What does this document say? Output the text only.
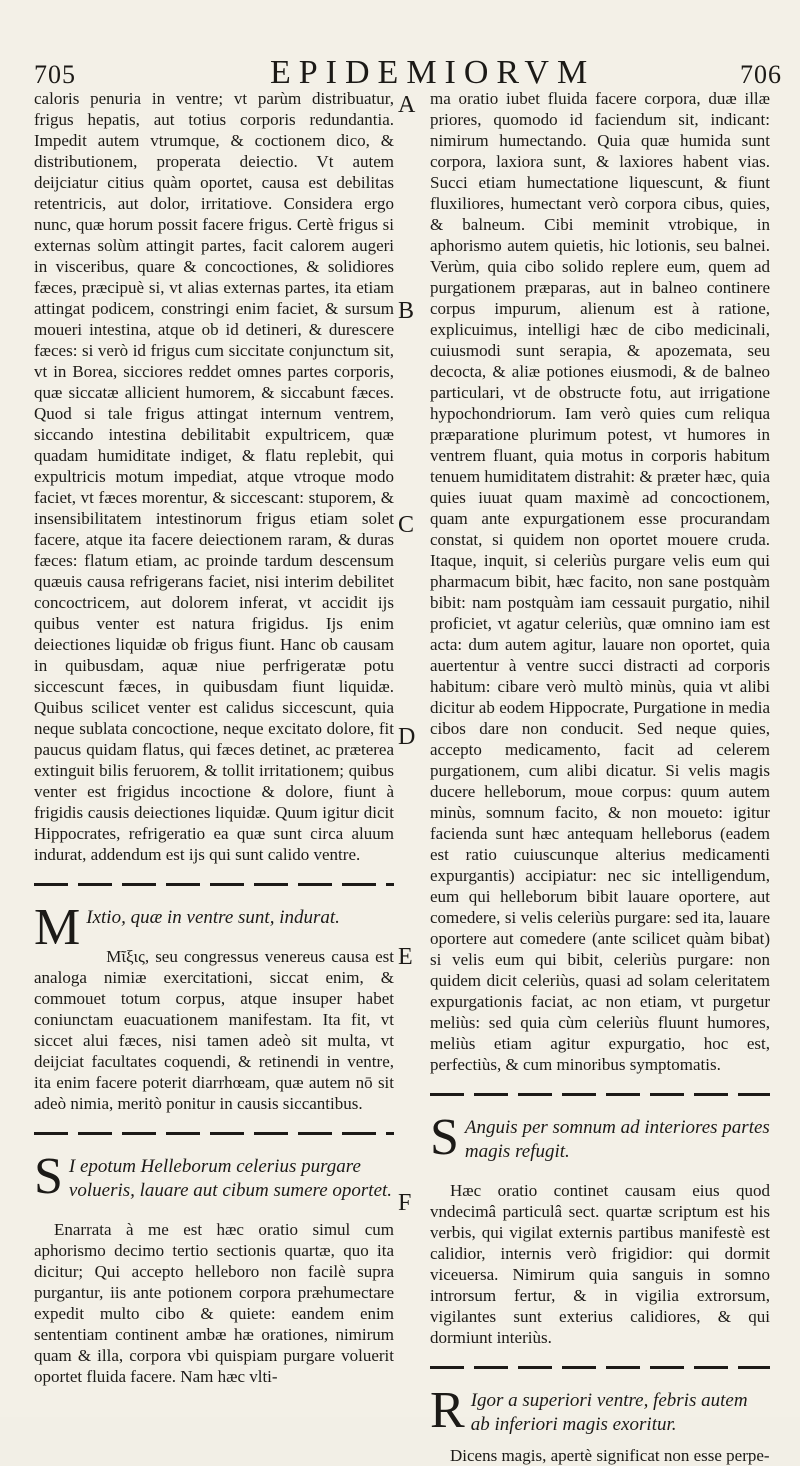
705	EPIDEMIORVM	706
A
B
C
D
E
F

caloris penuria in ventre; vt parùm distribuatur, frigus hepatis, aut totius corporis redundantia. Impedit autem vtrumque, & coctionem dico, & distributionem, properata deiectio. Vt autem deijciatur citius quàm oportet, causa est debilitas retentricis, aut dolor, irritatiove. Considera ergo nunc, quæ horum possit facere frigus. Certè frigus si externas solùm attingit partes, facit calorem augeri in visceribus, quare & concoctiones, & solidiores fæces, præcipuè si, vt alias externas partes, ita etiam attingat podicem, constringi enim faciet, & sursum moueri intestina, atque ob id detineri, & durescere fæces: si verò id frigus cum siccitate conjunctum sit, vt in Borea, sicciores reddet omnes partes corporis, quæ siccatæ allicient humorem, & siccabunt fæces. Quod si tale frigus attingat internum ventrem, siccando intestina debilitabit expultricem, quæ quadam humiditate indiget, & flatu replebit, qui expultricis motum impediat, atque vtroque modo faciet, vt fæces morentur, & siccescant: stuporem, & insensibilitatem intestinorum frigus etiam solet facere, atque ita facere deiectionem raram, & duras fæces: flatum etiam, ac proinde tardum descensum quæuis causa refrigerans faciet, nisi interim debilitet concoctricem, aut dolorem inferat, vt accidit ijs quibus venter est natura frigidus. Ijs enim deiectiones liquidæ ob frigus fiunt. Hanc ob causam in quibusdam, aquæ niue perfrigeratæ potu siccescunt fæces, in quibusdam fiunt liquidæ. Quibus scilicet venter est calidus siccescunt, quia neque sublata concoctione, neque excitato dolore, fit paucus quidam flatus, qui fæces detinet, ac præterea extinguit bilis feruorem, & tollit irritationem; quibus venter est frigidus incoctione & dolore, fiunt à frigidis causis deiectiones liquidæ. Quum igitur dicit Hippocrates, refrigeratio ea quæ sunt circa aluum indurat, addendum est ijs qui sunt calido ventre.

M Ixtio, quæ in ventre sunt, indurat.

Μῖξις, seu congressus venereus causa est analoga nimiæ exercitationi, siccat enim, & commouet totum corpus, atque insuper habet coniunctam euacuationem manifestam. Ita fit, vt siccet alui fæces, nisi tamen adeò sit multa, vt deijciat facultates coquendi, & retinendi in ventre, ita enim facere poterit diarrhœam, quæ autem nō sit adeò nimia, meritò ponitur in causis siccantibus.

S I epotum Helleborum celerius purgare volueris, lauare aut cibum sumere oportet.

Enarrata à me est hæc oratio simul cum aphorismo decimo tertio sectionis quartæ, quo ita dicitur; Qui accepto helleboro non facilè supra purgantur, iis ante potionem corpora præhumectare expedit multo cibo & quiete: eandem enim sententiam continent ambæ hæ orationes, nimirum quam & illa, corpora vbi quispiam purgare voluerit oportet fluida facere. Nam hæc vlti-

ma oratio iubet fluida facere corpora, duæ illæ priores, quomodo id faciendum sit, indicant: nimirum humectando. Quia quæ humida sunt corpora, laxiora sunt, & laxiores habent vias. Succi etiam humectatione liquescunt, & fiunt fluxiliores, humectant verò corpora cibus, quies, & balneum. Cibi meminit vtrobique, in aphorismo autem quietis, hic lotionis, seu balnei. Verùm, quia cibo solido replere eum, quem ad purgationem præparas, aut in balneo continere corpus impurum, alienum est à ratione, explicuimus, intelligi hæc de cibo medicinali, cuiusmodi sunt serapia, & apozemata, seu decocta, & aliæ potiones eiusmodi, & de balneo particulari, vt de obstructe fotu, aut irrigatione hypochondriorum. Iam verò quies cum reliqua præparatione plurimum potest, vt humores in ventrem fluant, quia motus in corporis habitum tenuem humiditatem distrahit: & præter hæc, quia quies iuuat quam maximè ad concoctionem, quam ante expurgationem esse procurandam constat, si quidem non oportet mouere cruda. Itaque, inquit, si celeriùs purgare velis eum qui pharmacum bibit, hæc facito, non sane postquàm bibit: nam postquàm iam cessauit purgatio, nihil proficiet, vt agatur celeriùs, quæ omnino iam est acta: dum autem agitur, lauare non oportet, quia auertentur à ventre succi distracti ad corporis habitum: cibare verò multò minùs, quia vt alibi dicitur ab eodem Hippocrate, Purgatione in media cibos dare non conducit. Sed neque quies, accepto medicamento, facit ad celerem purgationem, cum alibi dicatur. Si velis magis ducere helleborum, moue corpus: quum autem minùs, somnum facito, & non moueto: igitur facienda sunt hæc antequam helleborus (eadem est ratio cuiuscunque alterius medicamenti expurgantis) accipiatur: nec sic intelligendum, eum qui helleborum bibit lauare oportere, aut comedere, si velis celeriùs purgare: sed ita, lauare oportere aut comedere (ante scilicet quàm bibat) si velis eum qui bibit, celeriùs purgare: non quidem dicit celeriùs, quasi ad solam celeritatem expurgationis faciat, ac non etiam, vt purgetur meliùs: sed quia cùm celeriùs fluunt humores, meliùs etiam agitur expurgatio, hoc est, perfectiùs, & cum minoribus symptomatis.

S Anguis per somnum ad interiores partes magis refugit.

Hæc oratio continet causam eius quod vndecimâ particulâ sect. quartæ scriptum est his verbis, qui vigilat externis partibus manifestè est calidior, internis verò frigidior: qui dormit viceuersa. Nimirum quia sanguis in somno introrsum fertur, & in vigilia extrorsum, vigilantes sunt exterius calidiores, & qui dormiunt interiùs.

R Igor a superiori ventre, febris autem ab inferiori magis exoritur.

Dicens magis, apertè significat non esse perpe-
